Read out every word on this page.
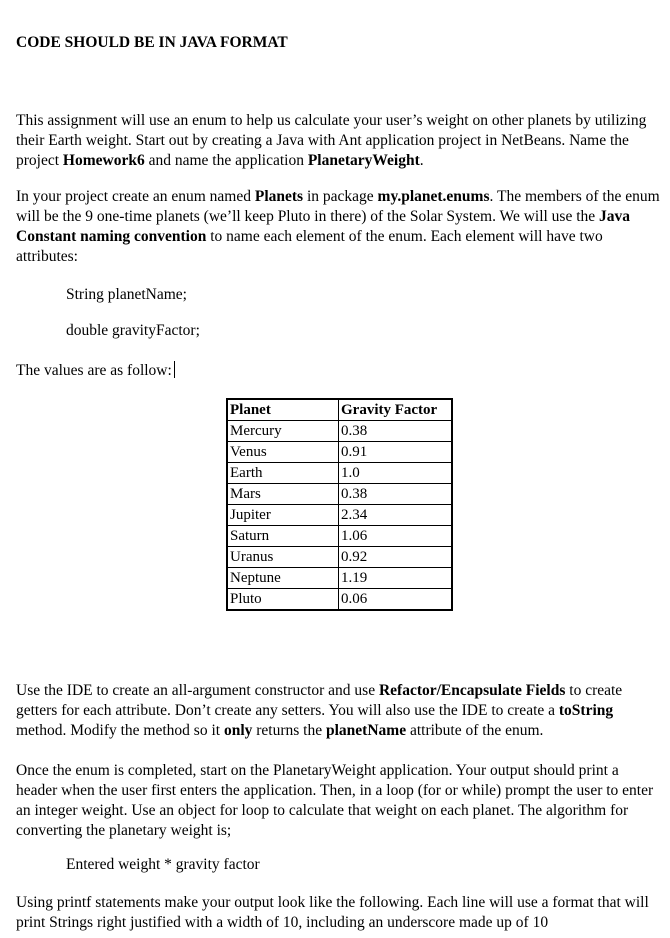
CODE SHOULD BE IN JAVA FORMAT
This assignment will use an enum to help us calculate your user’s weight on other planets by utilizing their Earth weight. Start out by creating a Java with Ant application project in NetBeans. Name the project Homework6 and name the application PlanetaryWeight.
In your project create an enum named Planets in package my.planet.enums. The members of the enum will be the 9 one-time planets (we’ll keep Pluto in there) of the Solar System. We will use the Java Constant naming convention to name each element of the enum. Each element will have two attributes:
String planetName;
double gravityFactor;
The values are as follow:
Planet	Gravity Factor
Mercury	0.38
Venus	0.91
Earth	1.0
Mars	0.38
Jupiter	2.34
Saturn	1.06
Uranus	0.92
Neptune	1.19
Pluto	0.06
Use the IDE to create an all-argument constructor and use Refactor/Encapsulate Fields to create getters for each attribute. Don’t create any setters. You will also use the IDE to create a toString method. Modify the method so it only returns the planetName attribute of the enum.
Once the enum is completed, start on the PlanetaryWeight application. Your output should print a header when the user first enters the application. Then, in a loop (for or while) prompt the user to enter an integer weight. Use an object for loop to calculate that weight on each planet. The algorithm for converting the planetary weight is;
Entered weight * gravity factor
Using printf statements make your output look like the following. Each line will use a format that will print Strings right justified with a width of 10, including an underscore made up of 10
